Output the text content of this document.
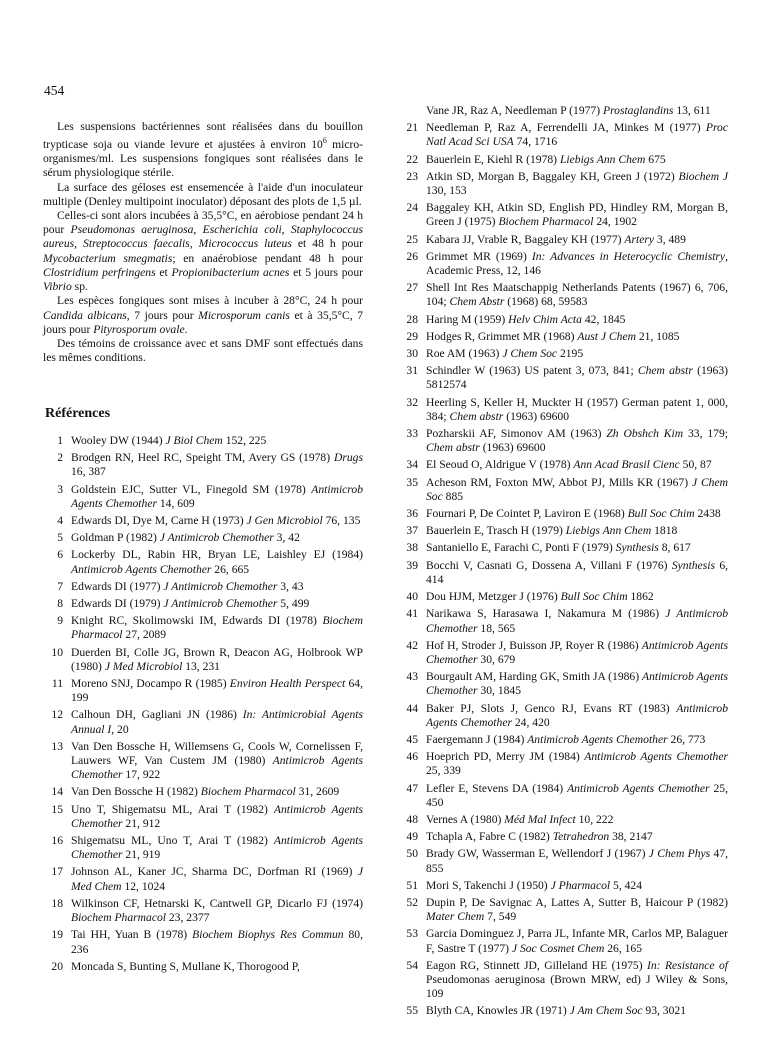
454

Les suspensions bactériennes sont réalisées dans du bouillon trypticase soja ou viande levure et ajustées à environ $10^6$ micro-organismes/ml. Les suspensions fongiques sont réalisées dans le sérum physiologique stérile.

La surface des géloses est ensemencée à l'aide d'un inoculateur multiple (Denley multipoint inoculator) déposant des plots de 1,5 µl.

Celles-ci sont alors incubées à 35,5°C, en aérobiose pendant 24 h pour Pseudomonas aeruginosa, Escherichia coli, Staphylococcus aureus, Streptococcus faecalis, Micrococcus luteus et 48 h pour Mycobacterium smegmatis; en anaérobiose pendant 48 h pour Clostridium perfringens et Propionibacterium acnes et 5 jours pour Vibrio sp.

Les espèces fongiques sont mises à incuber à 28°C, 24 h pour Candida albicans, 7 jours pour Microsporum canis et à 35,5°C, 7 jours pour Pityrosporum ovale.

Des témoins de croissance avec et sans DMF sont effectués dans les mêmes conditions.

Références
1 Wooley DW (1944) J Biol Chem 152, 225
2 Brodgen RN, Heel RC, Speight TM, Avery GS (1978) Drugs 16, 387
3 Goldstein EJC, Sutter VL, Finegold SM (1978) Antimicrob Agents Chemother 14, 609
4 Edwards DI, Dye M, Carne H (1973) J Gen Microbiol 76, 135
5 Goldman P (1982) J Antimicrob Chemother 3, 42
6 Lockerby DL, Rabin HR, Bryan LE, Laishley EJ (1984) Antimicrob Agents Chemother 26, 665
7 Edwards DI (1977) J Antimicrob Chemother 3, 43
8 Edwards DI (1979) J Antimicrob Chemother 5, 499
9 Knight RC, Skolimowski IM, Edwards DI (1978) Biochem Pharmacol 27, 2089
10 Duerden BI, Colle JG, Brown R, Deacon AG, Holbrook WP (1980) J Med Microbiol 13, 231
11 Moreno SNJ, Docampo R (1985) Environ Health Perspect 64, 199
12 Calhoun DH, Gagliani JN (1986) In: Antimicrobial Agents Annual I, 20
13 Van Den Bossche H, Willemsens G, Cools W, Cornelissen F, Lauwers WF, Van Custem JM (1980) Antimicrob Agents Chemother 17, 922
14 Van Den Bossche H (1982) Biochem Pharmacol 31, 2609
15 Uno T, Shigematsu ML, Arai T (1982) Antimicrob Agents Chemother 21, 912
16 Shigematsu ML, Uno T, Arai T (1982) Antimicrob Agents Chemother 21, 919
17 Johnson AL, Kaner JC, Sharma DC, Dorfman RI (1969) J Med Chem 12, 1024
18 Wilkinson CF, Hetnarski K, Cantwell GP, Dicarlo FJ (1974) Biochem Pharmacol 23, 2377
19 Tai HH, Yuan B (1978) Biochem Biophys Res Commun 80, 236
20 Moncada S, Bunting S, Mullane K, Thorogood P,
Vane JR, Raz A, Needleman P (1977) Prostaglandins 13, 611
21 Needleman P, Raz A, Ferrendelli JA, Minkes M (1977) Proc Natl Acad Sci USA 74, 1716
22 Bauerlein E, Kiehl R (1978) Liebigs Ann Chem 675
23 Atkin SD, Morgan B, Baggaley KH, Green J (1972) Biochem J 130, 153
24 Baggaley KH, Atkin SD, English PD, Hindley RM, Morgan B, Green J (1975) Biochem Pharmacol 24, 1902
25 Kabara JJ, Vrable R, Baggaley KH (1977) Artery 3, 489
26 Grimmet MR (1969) In: Advances in Heterocyclic Chemistry, Academic Press, 12, 146
27 Shell Int Res Maatschappig Netherlands Patents (1967) 6, 706, 104; Chem Abstr (1968) 68, 59583
28 Haring M (1959) Helv Chim Acta 42, 1845
29 Hodges R, Grimmet MR (1968) Aust J Chem 21, 1085
30 Roe AM (1963) J Chem Soc 2195
31 Schindler W (1963) US patent 3, 073, 841; Chem abstr (1963) 5812574
32 Heerling S, Keller H, Muckter H (1957) German patent 1, 000, 384; Chem abstr (1963) 69600
33 Pozharskii AF, Simonov AM (1963) Zh Obshch Kim 33, 179; Chem abstr (1963) 69600
34 El Seoud O, Aldrigue V (1978) Ann Acad Brasil Cienc 50, 87
35 Acheson RM, Foxton MW, Abbot PJ, Mills KR (1967) J Chem Soc 885
36 Fournari P, De Cointet P, Laviron E (1968) Bull Soc Chim 2438
37 Bauerlein E, Trasch H (1979) Liebigs Ann Chem 1818
38 Santaniello E, Farachi C, Ponti F (1979) Synthesis 8, 617
39 Bocchi V, Casnati G, Dossena A, Villani F (1976) Synthesis 6, 414
40 Dou HJM, Metzger J (1976) Bull Soc Chim 1862
41 Narikawa S, Harasawa I, Nakamura M (1986) J Antimicrob Chemother 18, 565
42 Hof H, Stroder J, Buisson JP, Royer R (1986) Antimicrob Agents Chemother 30, 679
43 Bourgault AM, Harding GK, Smith JA (1986) Antimicrob Agents Chemother 30, 1845
44 Baker PJ, Slots J, Genco RJ, Evans RT (1983) Antimicrob Agents Chemother 24, 420
45 Faergemann J (1984) Antimicrob Agents Chemother 26, 773
46 Hoeprich PD, Merry JM (1984) Antimicrob Agents Chemother 25, 339
47 Lefler E, Stevens DA (1984) Antimicrob Agents Chemother 25, 450
48 Vernes A (1980) Méd Mal Infect 10, 222
49 Tchapla A, Fabre C (1982) Tetrahedron 38, 2147
50 Brady GW, Wasserman E, Wellendorf J (1967) J Chem Phys 47, 855
51 Mori S, Takenchi J (1950) J Pharmacol 5, 424
52 Dupin P, De Savignac A, Lattes A, Sutter B, Haicour P (1982) Mater Chem 7, 549
53 Garcia Dominguez J, Parra JL, Infante MR, Carlos MP, Balaguer F, Sastre T (1977) J Soc Cosmet Chem 26, 165
54 Eagon RG, Stinnett JD, Gilleland HE (1975) In: Resistance of Pseudomonas aeruginosa (Brown MRW, ed) J Wiley & Sons, 109
55 Blyth CA, Knowles JR (1971) J Am Chem Soc 93, 3021
